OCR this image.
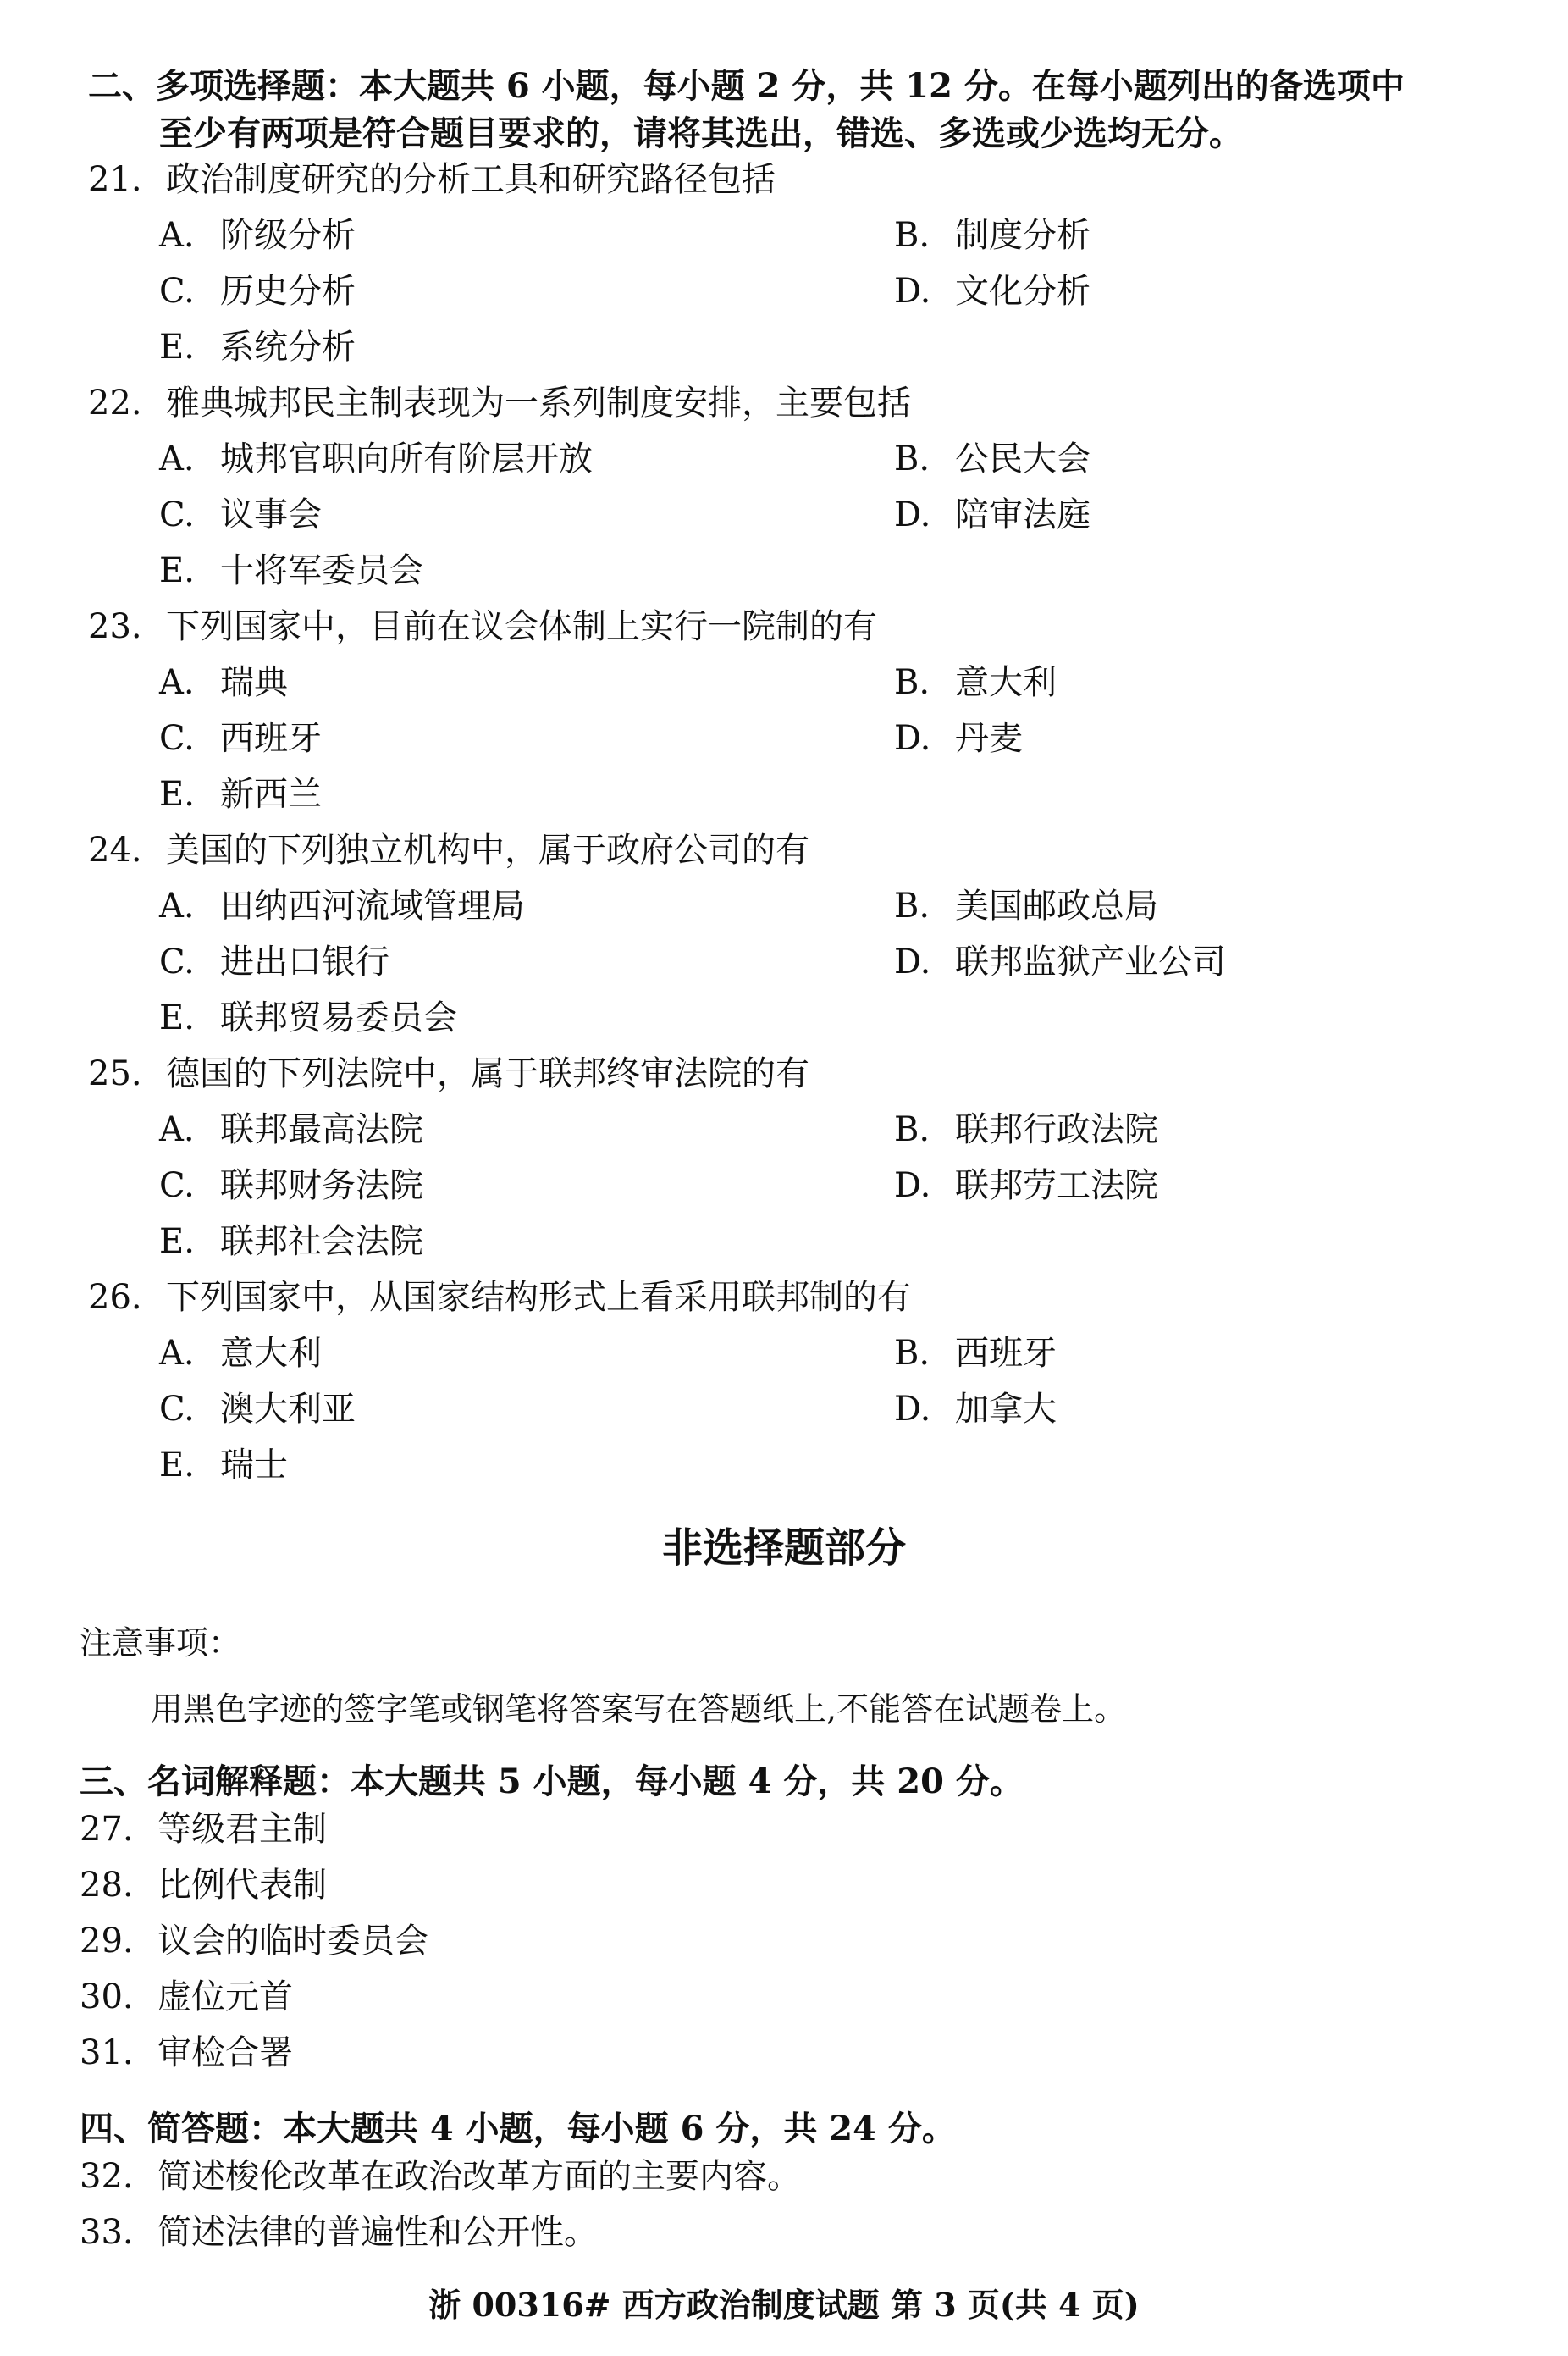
二、多项选择题：本大题共 6 小题，每小题 2 分，共 12 分。在每小题列出的备选项中
至少有两项是符合题目要求的，请将其选出，错选、多选或少选均无分。
21. 政治制度研究的分析工具和研究路径包括
A. 阶级分析	B. 制度分析
C. 历史分析	D. 文化分析
E. 系统分析
22. 雅典城邦民主制表现为一系列制度安排，主要包括
A. 城邦官职向所有阶层开放	B. 公民大会
C. 议事会	D. 陪审法庭
E. 十将军委员会
23. 下列国家中，目前在议会体制上实行一院制的有
A. 瑞典	B. 意大利
C. 西班牙	D. 丹麦
E. 新西兰
24. 美国的下列独立机构中，属于政府公司的有
A. 田纳西河流域管理局	B. 美国邮政总局
C. 进出口银行	D. 联邦监狱产业公司
E. 联邦贸易委员会
25. 德国的下列法院中，属于联邦终审法院的有
A. 联邦最高法院	B. 联邦行政法院
C. 联邦财务法院	D. 联邦劳工法院
E. 联邦社会法院
26. 下列国家中，从国家结构形式上看采用联邦制的有
A. 意大利	B. 西班牙
C. 澳大利亚	D. 加拿大
E. 瑞士
非选择题部分
注意事项：
用黑色字迹的签字笔或钢笔将答案写在答题纸上,不能答在试题卷上。
三、名词解释题：本大题共 5 小题，每小题 4 分，共 20 分。
27. 等级君主制
28. 比例代表制
29. 议会的临时委员会
30. 虚位元首
31. 审检合署
四、简答题：本大题共 4 小题，每小题 6 分，共 24 分。
32. 简述梭伦改革在政治改革方面的主要内容。
33. 简述法律的普遍性和公开性。
浙 00316# 西方政治制度试题 第 3 页(共 4 页)
